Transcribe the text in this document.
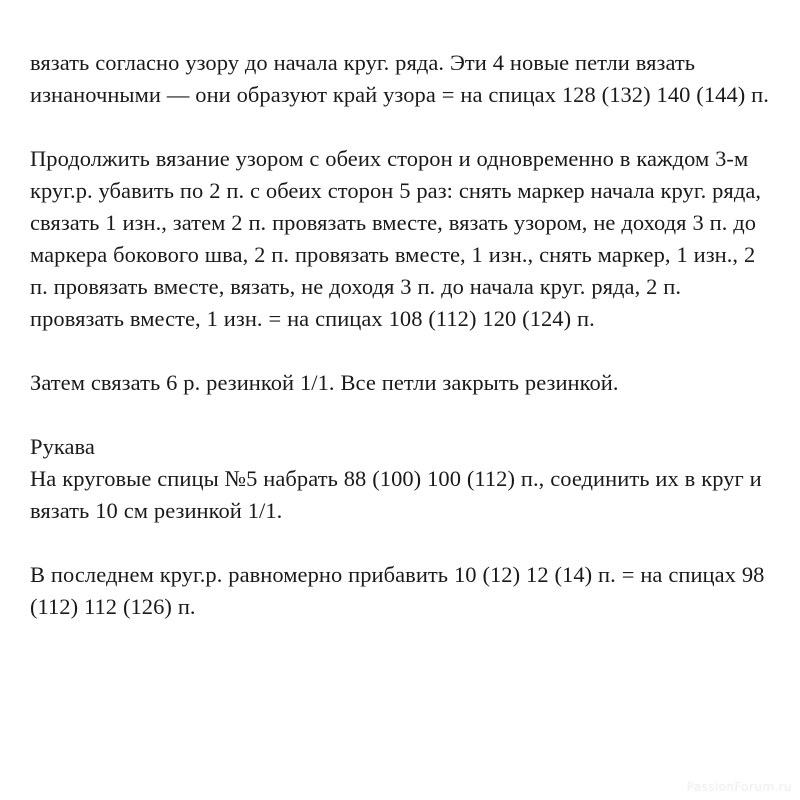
вязать согласно узору до начала круг. ряда. Эти 4 новые петли вязать изнаночными — они образуют край узора = на спицах 128 (132) 140 (144) п.

Продолжить вязание узором с обеих сторон и одновременно в каждом 3-м круг.р. убавить по 2 п. с обеих сторон 5 раз: снять маркер начала круг. ряда, связать 1 изн., затем 2 п. провязать вместе, вязать узором, не доходя 3 п. до маркера бокового шва, 2 п. провязать вместе, 1 изн., снять маркер, 1 изн., 2 п. провязать вместе, вязать, не доходя 3 п. до начала круг. ряда, 2 п. провязать вместе, 1 изн. = на спицах 108 (112) 120 (124) п.

Затем связать 6 р. резинкой 1/1. Все петли закрыть резинкой.

Рукава

На круговые спицы №5 набрать 88 (100) 100 (112) п., соединить их в круг и вязать 10 см резинкой 1/1.

В последнем круг.р. равномерно прибавить 10 (12) 12 (14) п. = на спицах 98 (112) 112 (126) п.

PassionForum.ru
